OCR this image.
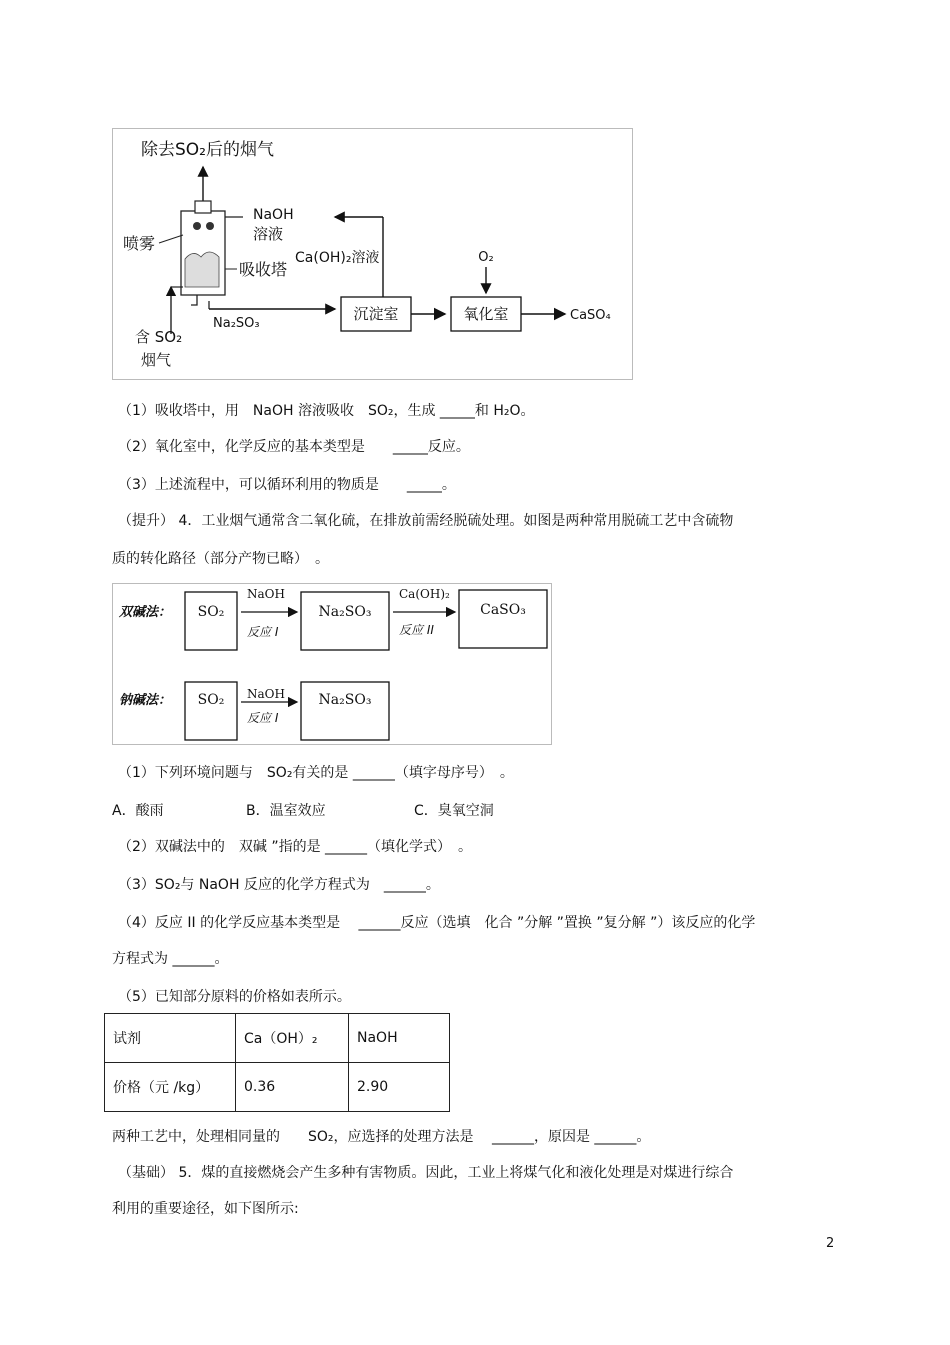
除去SO₂后的烟气
NaOH
溶液
喷雾
Ca(OH)₂溶液
吸收塔
Na₂SO₃
含 SO₂
烟气
沉淀室	氧化室
O₂
CaSO₄
（1）吸收塔中，用　NaOH 溶液吸收　SO₂，生成 _____和 H₂O。
（2）氧化室中，化学反应的基本类型是　　_____反应。
（3）上述流程中，可以循环利用的物质是　　_____。
（提升） 4．工业烟气通常含二氧化硫，在排放前需经脱硫处理。如图是两种常用脱硫工艺中含硫物
质的转化路径（部分产物已略）　。
双碱法： SO₂
NaOH
反应 I
Na₂SO₃
Ca(OH)₂
反应 II
CaSO₃
钠碱法： SO₂ NaOH
反应 I
Na₂SO₃
（1）下列环境问题与　SO₂有关的是 ______（填字母序号）　。
A．酸雨	B．温室效应	C．臭氧空洞
（2）双碱法中的　双碱 ”指的是 ______（填化学式）　。
（3）SO₂与 NaOH 反应的化学方程式为　______。
（4）反应 II 的化学反应基本类型是　 ______反应（选填　化合 ”分解 ”置换 ”复分解 ”）该反应的化学
方程式为 ______。
（5）已知部分原料的价格如表所示。
试剂	Ca（OH）₂	NaOH
价格（元 /kg）	0.36	2.90
两种工艺中，处理相同量的　　SO₂，应选择的处理方法是　 ______，原因是 ______。
（基础） 5．煤的直接燃烧会产生多种有害物质。因此，工业上将煤气化和液化处理是对煤进行综合
利用的重要途径，如下图所示:
2
